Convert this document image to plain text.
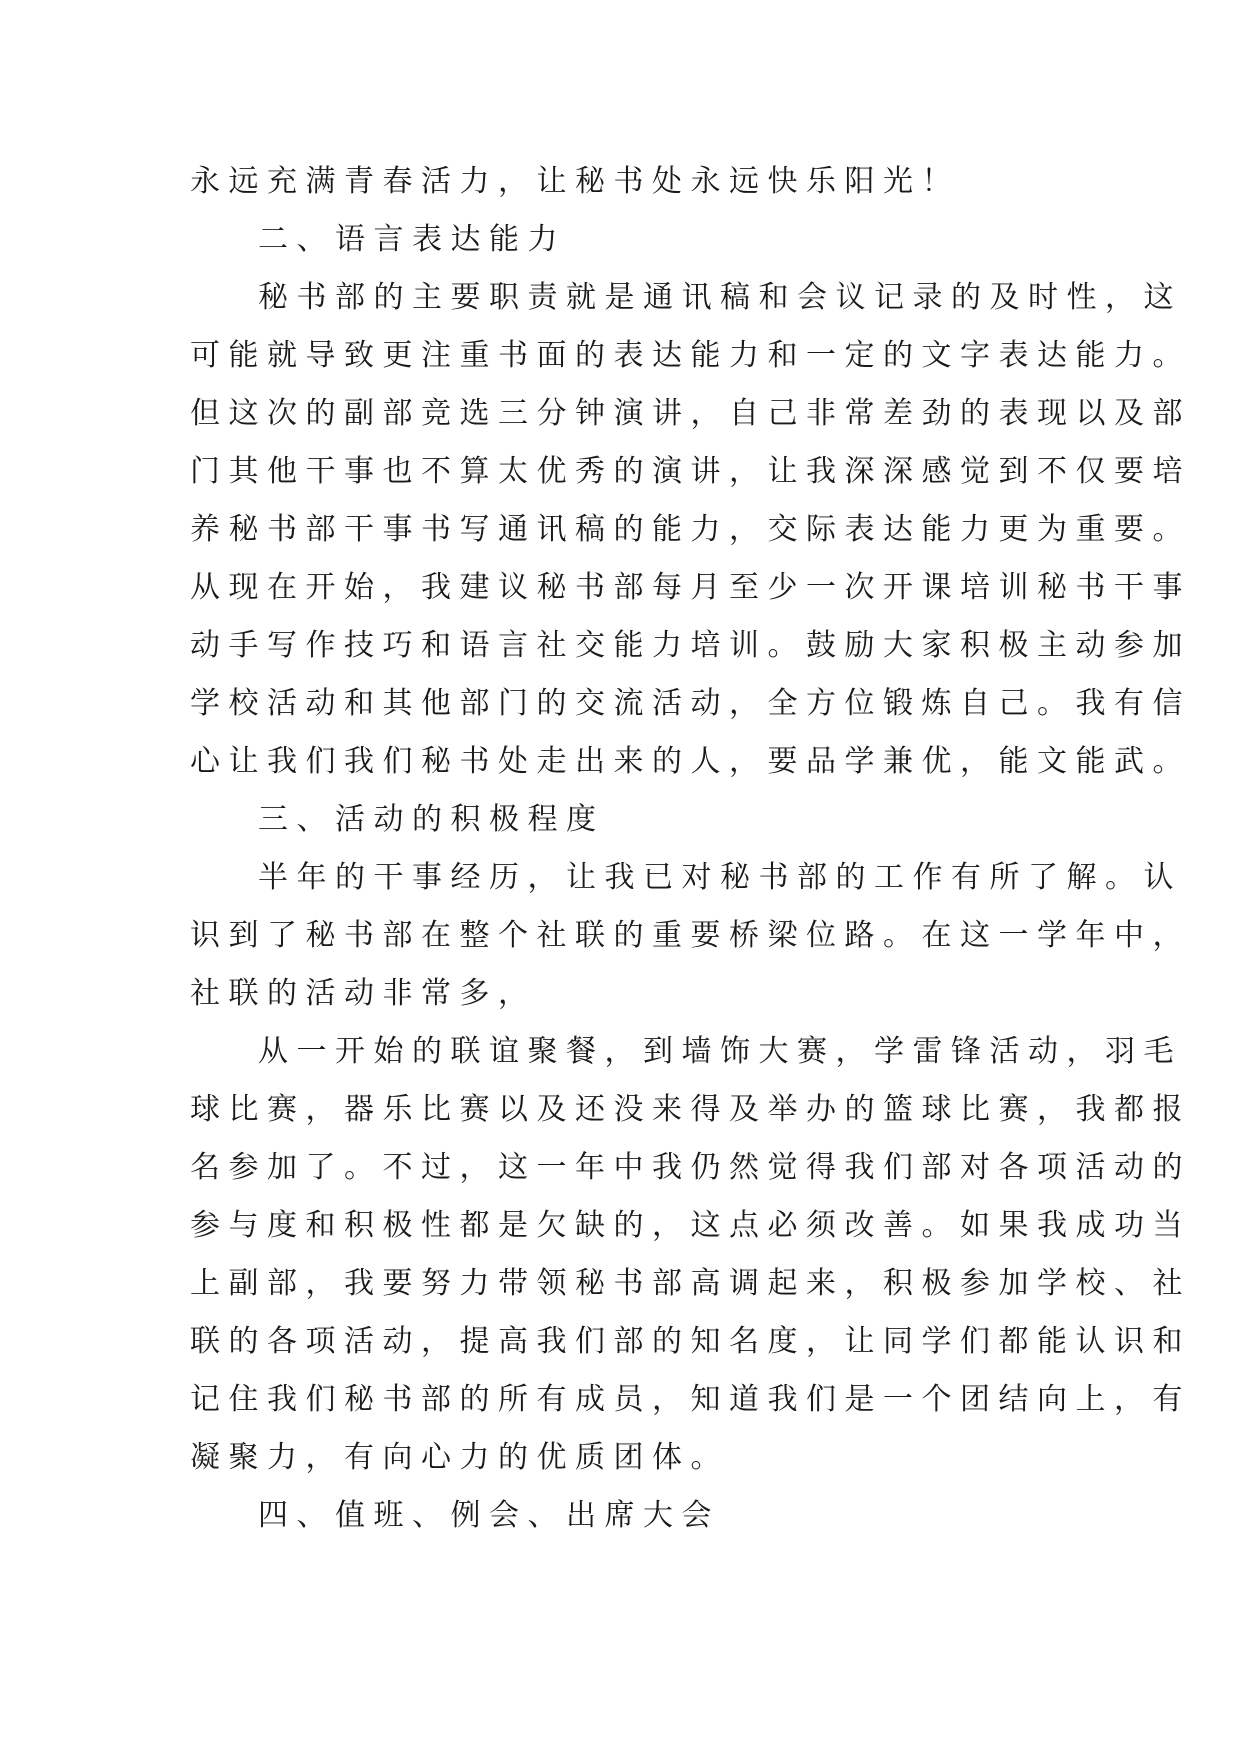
永远充满青春活力，让秘书处永远快乐阳光！
二、语言表达能力
秘书部的主要职责就是通讯稿和会议记录的及时性，这
可能就导致更注重书面的表达能力和一定的文字表达能力。
但这次的副部竞选三分钟演讲，自己非常差劲的表现以及部
门其他干事也不算太优秀的演讲，让我深深感觉到不仅要培
养秘书部干事书写通讯稿的能力，交际表达能力更为重要。
从现在开始，我建议秘书部每月至少一次开课培训秘书干事
动手写作技巧和语言社交能力培训。鼓励大家积极主动参加
学校活动和其他部门的交流活动，全方位锻炼自己。我有信
心让我们我们秘书处走出来的人，要品学兼优，能文能武。
三、活动的积极程度
半年的干事经历，让我已对秘书部的工作有所了解。认
识到了秘书部在整个社联的重要桥梁位路。在这一学年中，
社联的活动非常多，
从一开始的联谊聚餐，到墙饰大赛，学雷锋活动，羽毛
球比赛，器乐比赛以及还没来得及举办的篮球比赛，我都报
名参加了。不过，这一年中我仍然觉得我们部对各项活动的
参与度和积极性都是欠缺的，这点必须改善。如果我成功当
上副部，我要努力带领秘书部高调起来，积极参加学校、社
联的各项活动，提高我们部的知名度，让同学们都能认识和
记住我们秘书部的所有成员，知道我们是一个团结向上，有
凝聚力，有向心力的优质团体。
四、值班、例会、出席大会
